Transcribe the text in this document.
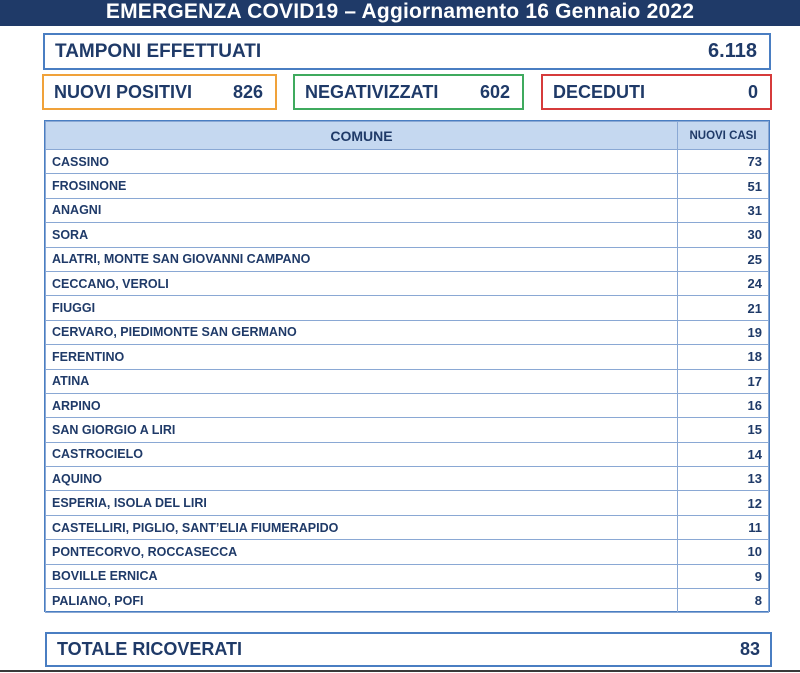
EMERGENZA COVID19 – Aggiornamento 16 Gennaio 2022
TAMPONI EFFETTUATI	6.118
NUOVI POSITIVI 826 NEGATIVIZZATI 602 DECEDUTI	0
COMUNE	NUOVI CASI
CASSINO	73
FROSINONE	51
ANAGNI	31
SORA	30
ALATRI, MONTE SAN GIOVANNI CAMPANO	25
CECCANO, VEROLI	24
FIUGGI	21
CERVARO, PIEDIMONTE SAN GERMANO	19
FERENTINO	18
ATINA	17
ARPINO	16
SAN GIORGIO A LIRI	15
CASTROCIELO	14
AQUINO	13
ESPERIA, ISOLA DEL LIRI	12
CASTELLIRI, PIGLIO, SANT’ELIA FIUMERAPIDO	11
PONTECORVO, ROCCASECCA	10
BOVILLE ERNICA	9
PALIANO, POFI	8
TOTALE RICOVERATI	83
